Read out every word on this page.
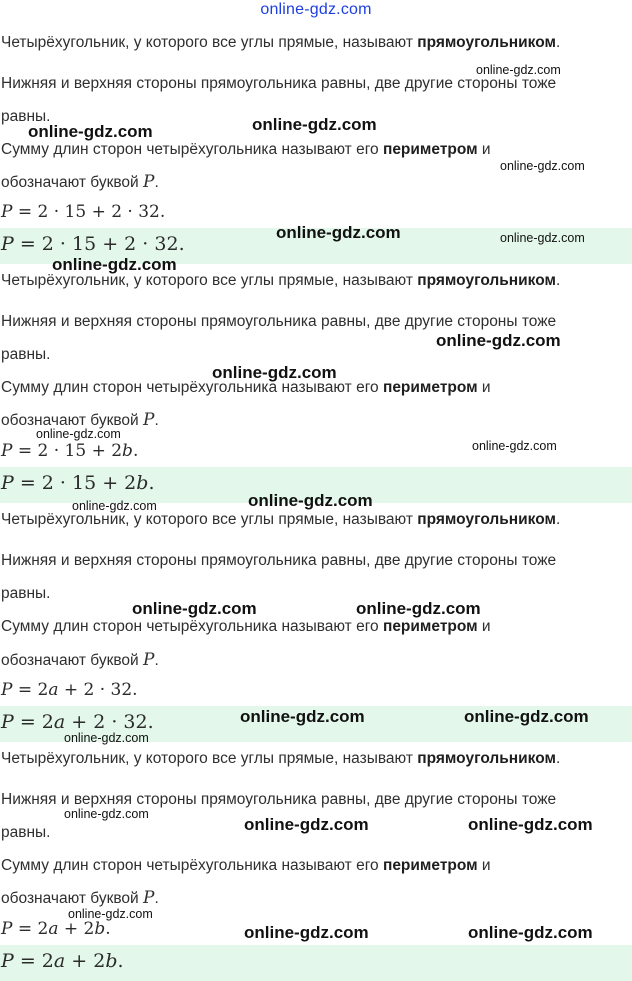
online-gdz.com
Четырёхугольник, у которого все углы прямые, называют прямоугольником.
Нижняя и верхняя стороны прямоугольника равны, две другие стороны тоже
равны.
Сумму длин сторон четырёхугольника называют его периметром и
обозначают буквой P.
P = 2 · 15 + 2 · 32.
P = 2 · 15 + 2 · 32.
Четырёхугольник, у которого все углы прямые, называют прямоугольником.
Нижняя и верхняя стороны прямоугольника равны, две другие стороны тоже
равны.
Сумму длин сторон четырёхугольника называют его периметром и
обозначают буквой P.
P = 2 · 15 + 2b.
P = 2 · 15 + 2b.
Четырёхугольник, у которого все углы прямые, называют прямоугольником.
Нижняя и верхняя стороны прямоугольника равны, две другие стороны тоже
равны.
Сумму длин сторон четырёхугольника называют его периметром и
обозначают буквой P.
P = 2a + 2 · 32.
P = 2a + 2 · 32.
Четырёхугольник, у которого все углы прямые, называют прямоугольником.
Нижняя и верхняя стороны прямоугольника равны, две другие стороны тоже
равны.
Сумму длин сторон четырёхугольника называют его периметром и
обозначают буквой P.
P = 2a + 2b.
P = 2a + 2b.
online-gdz.com
online-gdz.com	online-gdz.com
online-gdz.com
online-gdz.com	online-gdz.com
online-gdz.com
online-gdz.com
online-gdz.com
online-gdz.com
online-gdz.com
online-gdz.com
online-gdz.com
online-gdz.com	online-gdz.com
online-gdz.com	online-gdz.com
online-gdz.com
online-gdz.com
online-gdz.com	online-gdz.com
online-gdz.com
online-gdz.com	online-gdz.com
